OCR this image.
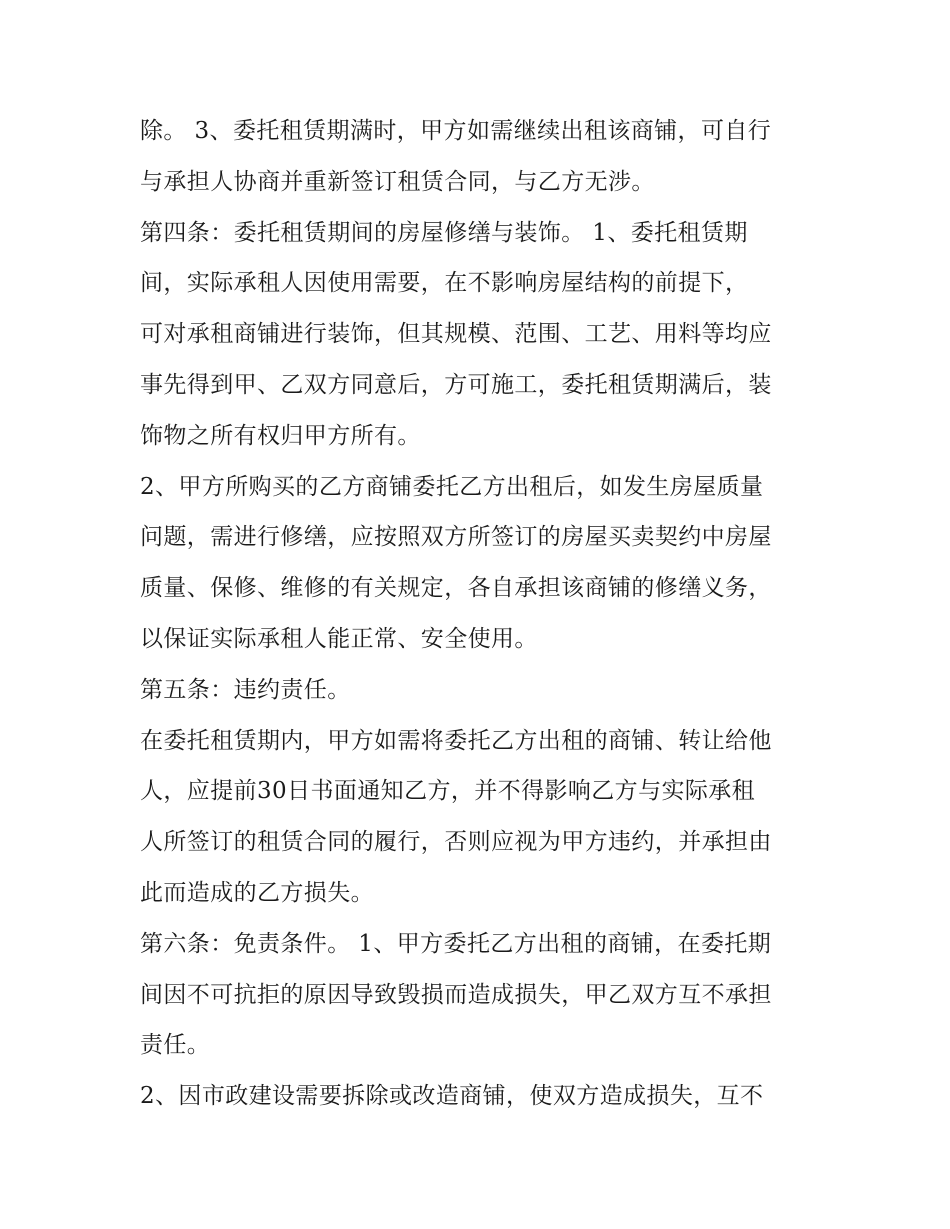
除。 3、委托租赁期满时，甲方如需继续出租该商铺，可自行
与承担人协商并重新签订租赁合同，与乙方无涉。
第四条：委托租赁期间的房屋修缮与装饰。 1、委托租赁期
间，实际承租人因使用需要，在不影响房屋结构的前提下，
可对承租商铺进行装饰，但其规模、范围、工艺、用料等均应
事先得到甲、乙双方同意后，方可施工，委托租赁期满后，装
饰物之所有权归甲方所有。
2、甲方所购买的乙方商铺委托乙方出租后，如发生房屋质量
问题，需进行修缮，应按照双方所签订的房屋买卖契约中房屋
质量、保修、维修的有关规定，各自承担该商铺的修缮义务，
以保证实际承租人能正常、安全使用。
第五条：违约责任。
在委托租赁期内，甲方如需将委托乙方出租的商铺、转让给他
人，应提前30日书面通知乙方，并不得影响乙方与实际承租
人所签订的租赁合同的履行，否则应视为甲方违约，并承担由
此而造成的乙方损失。
第六条：免责条件。 1、甲方委托乙方出租的商铺，在委托期
间因不可抗拒的原因导致毁损而造成损失，甲乙双方互不承担
责任。
2、因市政建设需要拆除或改造商铺，使双方造成损失，互不
